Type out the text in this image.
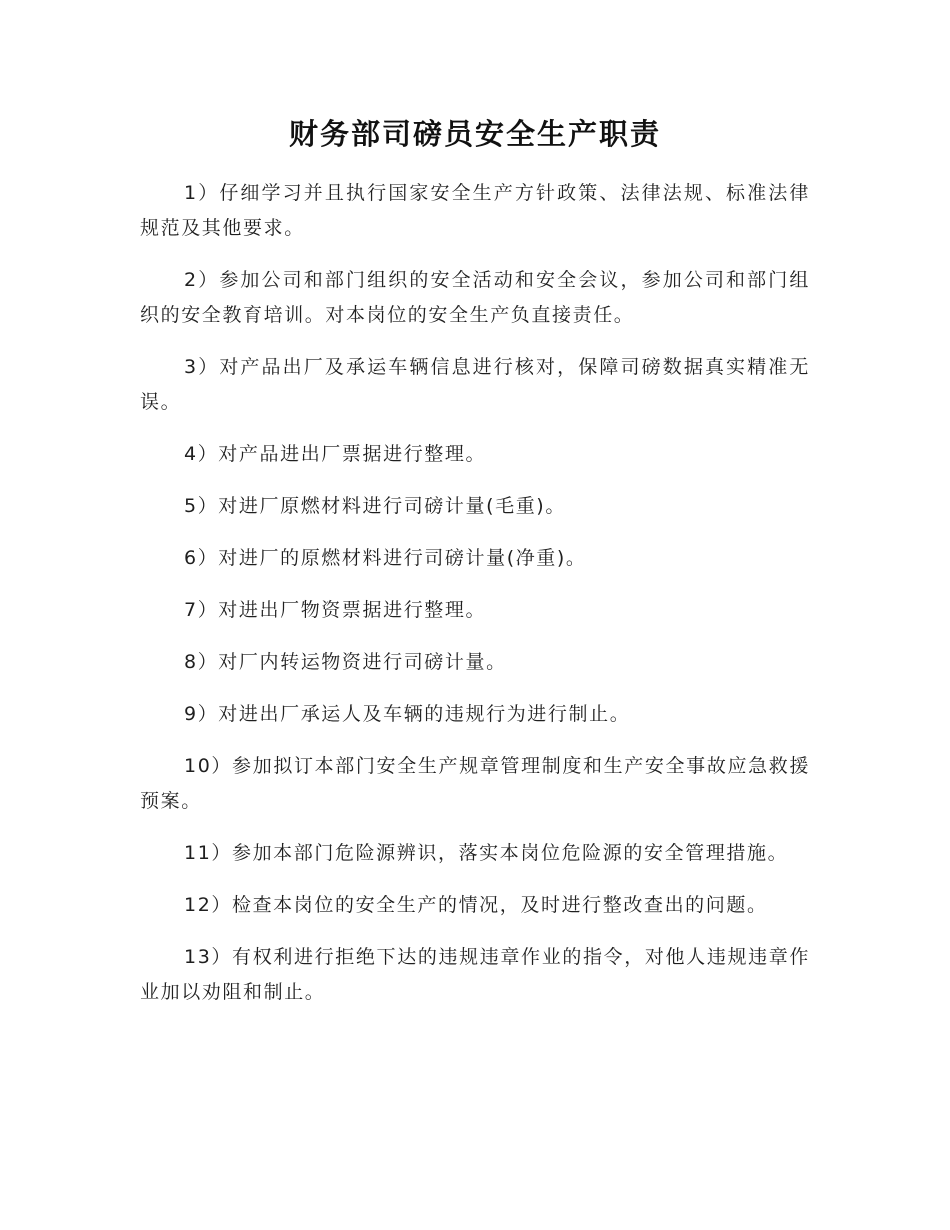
财务部司磅员安全生产职责

1）仔细学习并且执行国家安全生产方针政策、法律法规、标准法律规范及其他要求。

2）参加公司和部门组织的安全活动和安全会议，参加公司和部门组织的安全教育培训。对本岗位的安全生产负直接责任。

3）对产品出厂及承运车辆信息进行核对，保障司磅数据真实精准无误。

4）对产品进出厂票据进行整理。

5）对进厂原燃材料进行司磅计量(毛重)。

6）对进厂的原燃材料进行司磅计量(净重)。

7）对进出厂物资票据进行整理。

8）对厂内转运物资进行司磅计量。

9）对进出厂承运人及车辆的违规行为进行制止。

10）参加拟订本部门安全生产规章管理制度和生产安全事故应急救援预案。

11）参加本部门危险源辨识，落实本岗位危险源的安全管理措施。

12）检查本岗位的安全生产的情况，及时进行整改查出的问题。

13）有权利进行拒绝下达的违规违章作业的指令，对他人违规违章作业加以劝阻和制止。
